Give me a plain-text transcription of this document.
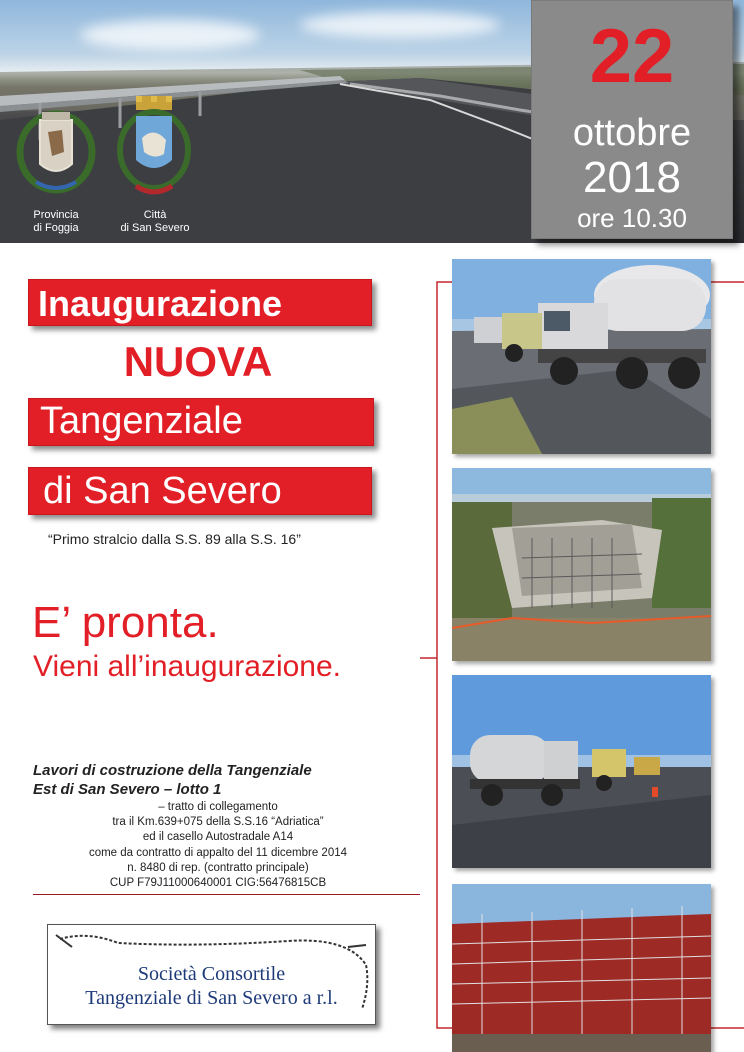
Provincia
di Foggia
Città
di San Severo
22
ottobre
2018
ore 10.30
Inaugurazione
NUOVA
Tangenziale
di San Severo
“Primo stralcio dalla S.S. 89 alla S.S. 16”
E’ pronta.
Vieni all’inaugurazione.
Lavori di costruzione della Tangenziale
Est di San Severo – lotto 1
– tratto di collegamento
tra il Km.639+075 della S.S.16 “Adriatica”
ed il casello Autostradale A14
come da contratto di appalto del 11 dicembre 2014
n. 8480 di rep. (contratto principale)
CUP F79J11000640001 CIG:56476815CB
Società Consortile
Tangenziale di San Severo a r.l.
